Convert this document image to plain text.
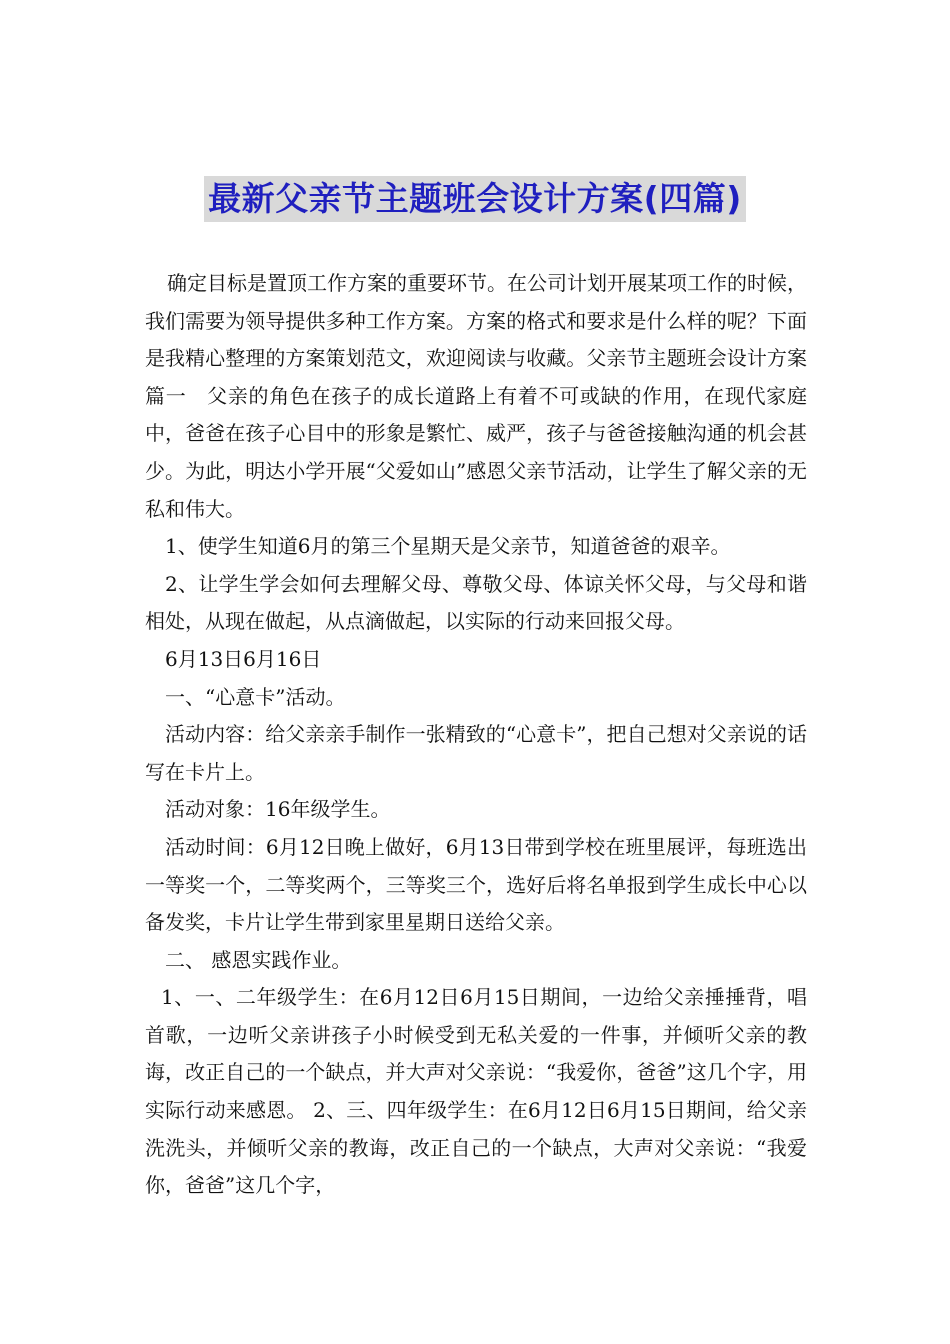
最新父亲节主题班会设计方案(四篇)

确定目标是置顶工作方案的重要环节。在公司计划开展某项工作的时候，我们需要为领导提供多种工作方案。方案的格式和要求是什么样的呢？下面是我精心整理的方案策划范文，欢迎阅读与收藏。父亲节主题班会设计方案篇一　父亲的角色在孩子的成长道路上有着不可或缺的作用，在现代家庭中，爸爸在孩子心目中的形象是繁忙、威严，孩子与爸爸接触沟通的机会甚少。为此，明达小学开展“父爱如山”感恩父亲节活动，让学生了解父亲的无私和伟大。

1、使学生知道6月的第三个星期天是父亲节，知道爸爸的艰辛。

2、让学生学会如何去理解父母、尊敬父母、体谅关怀父母，与父母和谐相处，从现在做起，从点滴做起，以实际的行动来回报父母。

6月13日6月16日

一、“心意卡”活动。

活动内容：给父亲亲手制作一张精致的“心意卡”，把自己想对父亲说的话写在卡片上。

活动对象：16年级学生。

活动时间：6月12日晚上做好，6月13日带到学校在班里展评，每班选出一等奖一个，二等奖两个，三等奖三个，选好后将名单报到学生成长中心以备发奖，卡片让学生带到家里星期日送给父亲。

二、 感恩实践作业。

1、一、二年级学生：在6月12日6月15日期间，一边给父亲捶捶背，唱首歌，一边听父亲讲孩子小时候受到无私关爱的一件事，并倾听父亲的教诲，改正自己的一个缺点，并大声对父亲说：“我爱你，爸爸”这几个字，用实际行动来感恩。 2、三、四年级学生：在6月12日6月15日期间，给父亲洗洗头，并倾听父亲的教诲，改正自己的一个缺点，大声对父亲说：“我爱你，爸爸”这几个字，
